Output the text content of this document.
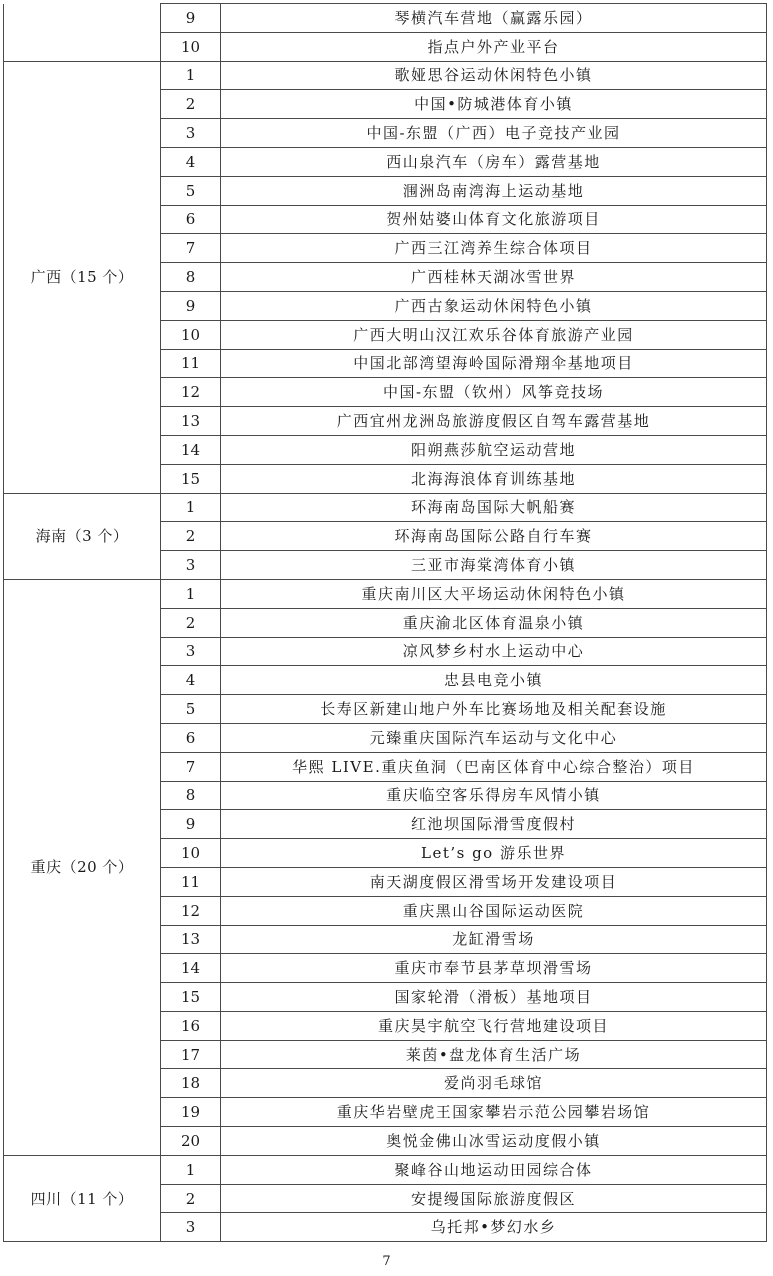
	9	琴横汽车营地（赢露乐园）
	10	指点户外产业平台
广西（15 个）	1	歌娅思谷运动休闲特色小镇
	2	中国•防城港体育小镇
	3	中国-东盟（广西）电子竞技产业园
	4	西山泉汽车（房车）露营基地
	5	涠洲岛南湾海上运动基地
	6	贺州姑婆山体育文化旅游项目
	7	广西三江湾养生综合体项目
	8	广西桂林天湖冰雪世界
	9	广西古象运动休闲特色小镇
	10	广西大明山汉江欢乐谷体育旅游产业园
	11	中国北部湾望海岭国际滑翔伞基地项目
	12	中国-东盟（钦州）风筝竞技场
	13	广西宜州龙洲岛旅游度假区自驾车露营基地
	14	阳朔燕莎航空运动营地
	15	北海海浪体育训练基地
海南（3 个）	1	环海南岛国际大帆船赛
	2	环海南岛国际公路自行车赛
	3	三亚市海棠湾体育小镇
重庆（20 个）	1	重庆南川区大平场运动休闲特色小镇
	2	重庆渝北区体育温泉小镇
	3	凉风梦乡村水上运动中心
	4	忠县电竞小镇
	5	长寿区新建山地户外车比赛场地及相关配套设施
	6	元臻重庆国际汽车运动与文化中心
	7	华熙 LIVE.重庆鱼洞（巴南区体育中心综合整治）项目
	8	重庆临空客乐得房车风情小镇
	9	红池坝国际滑雪度假村
	10	Let’s go 游乐世界
	11	南天湖度假区滑雪场开发建设项目
	12	重庆黑山谷国际运动医院
	13	龙缸滑雪场
	14	重庆市奉节县茅草坝滑雪场
	15	国家轮滑（滑板）基地项目
	16	重庆昊宇航空飞行营地建设项目
	17	莱茵•盘龙体育生活广场
	18	爱尚羽毛球馆
	19	重庆华岩壁虎王国家攀岩示范公园攀岩场馆
	20	奥悦金佛山冰雪运动度假小镇
四川（11 个）	1	聚峰谷山地运动田园综合体
	2	安提缦国际旅游度假区
	3	乌托邦•梦幻水乡
7
